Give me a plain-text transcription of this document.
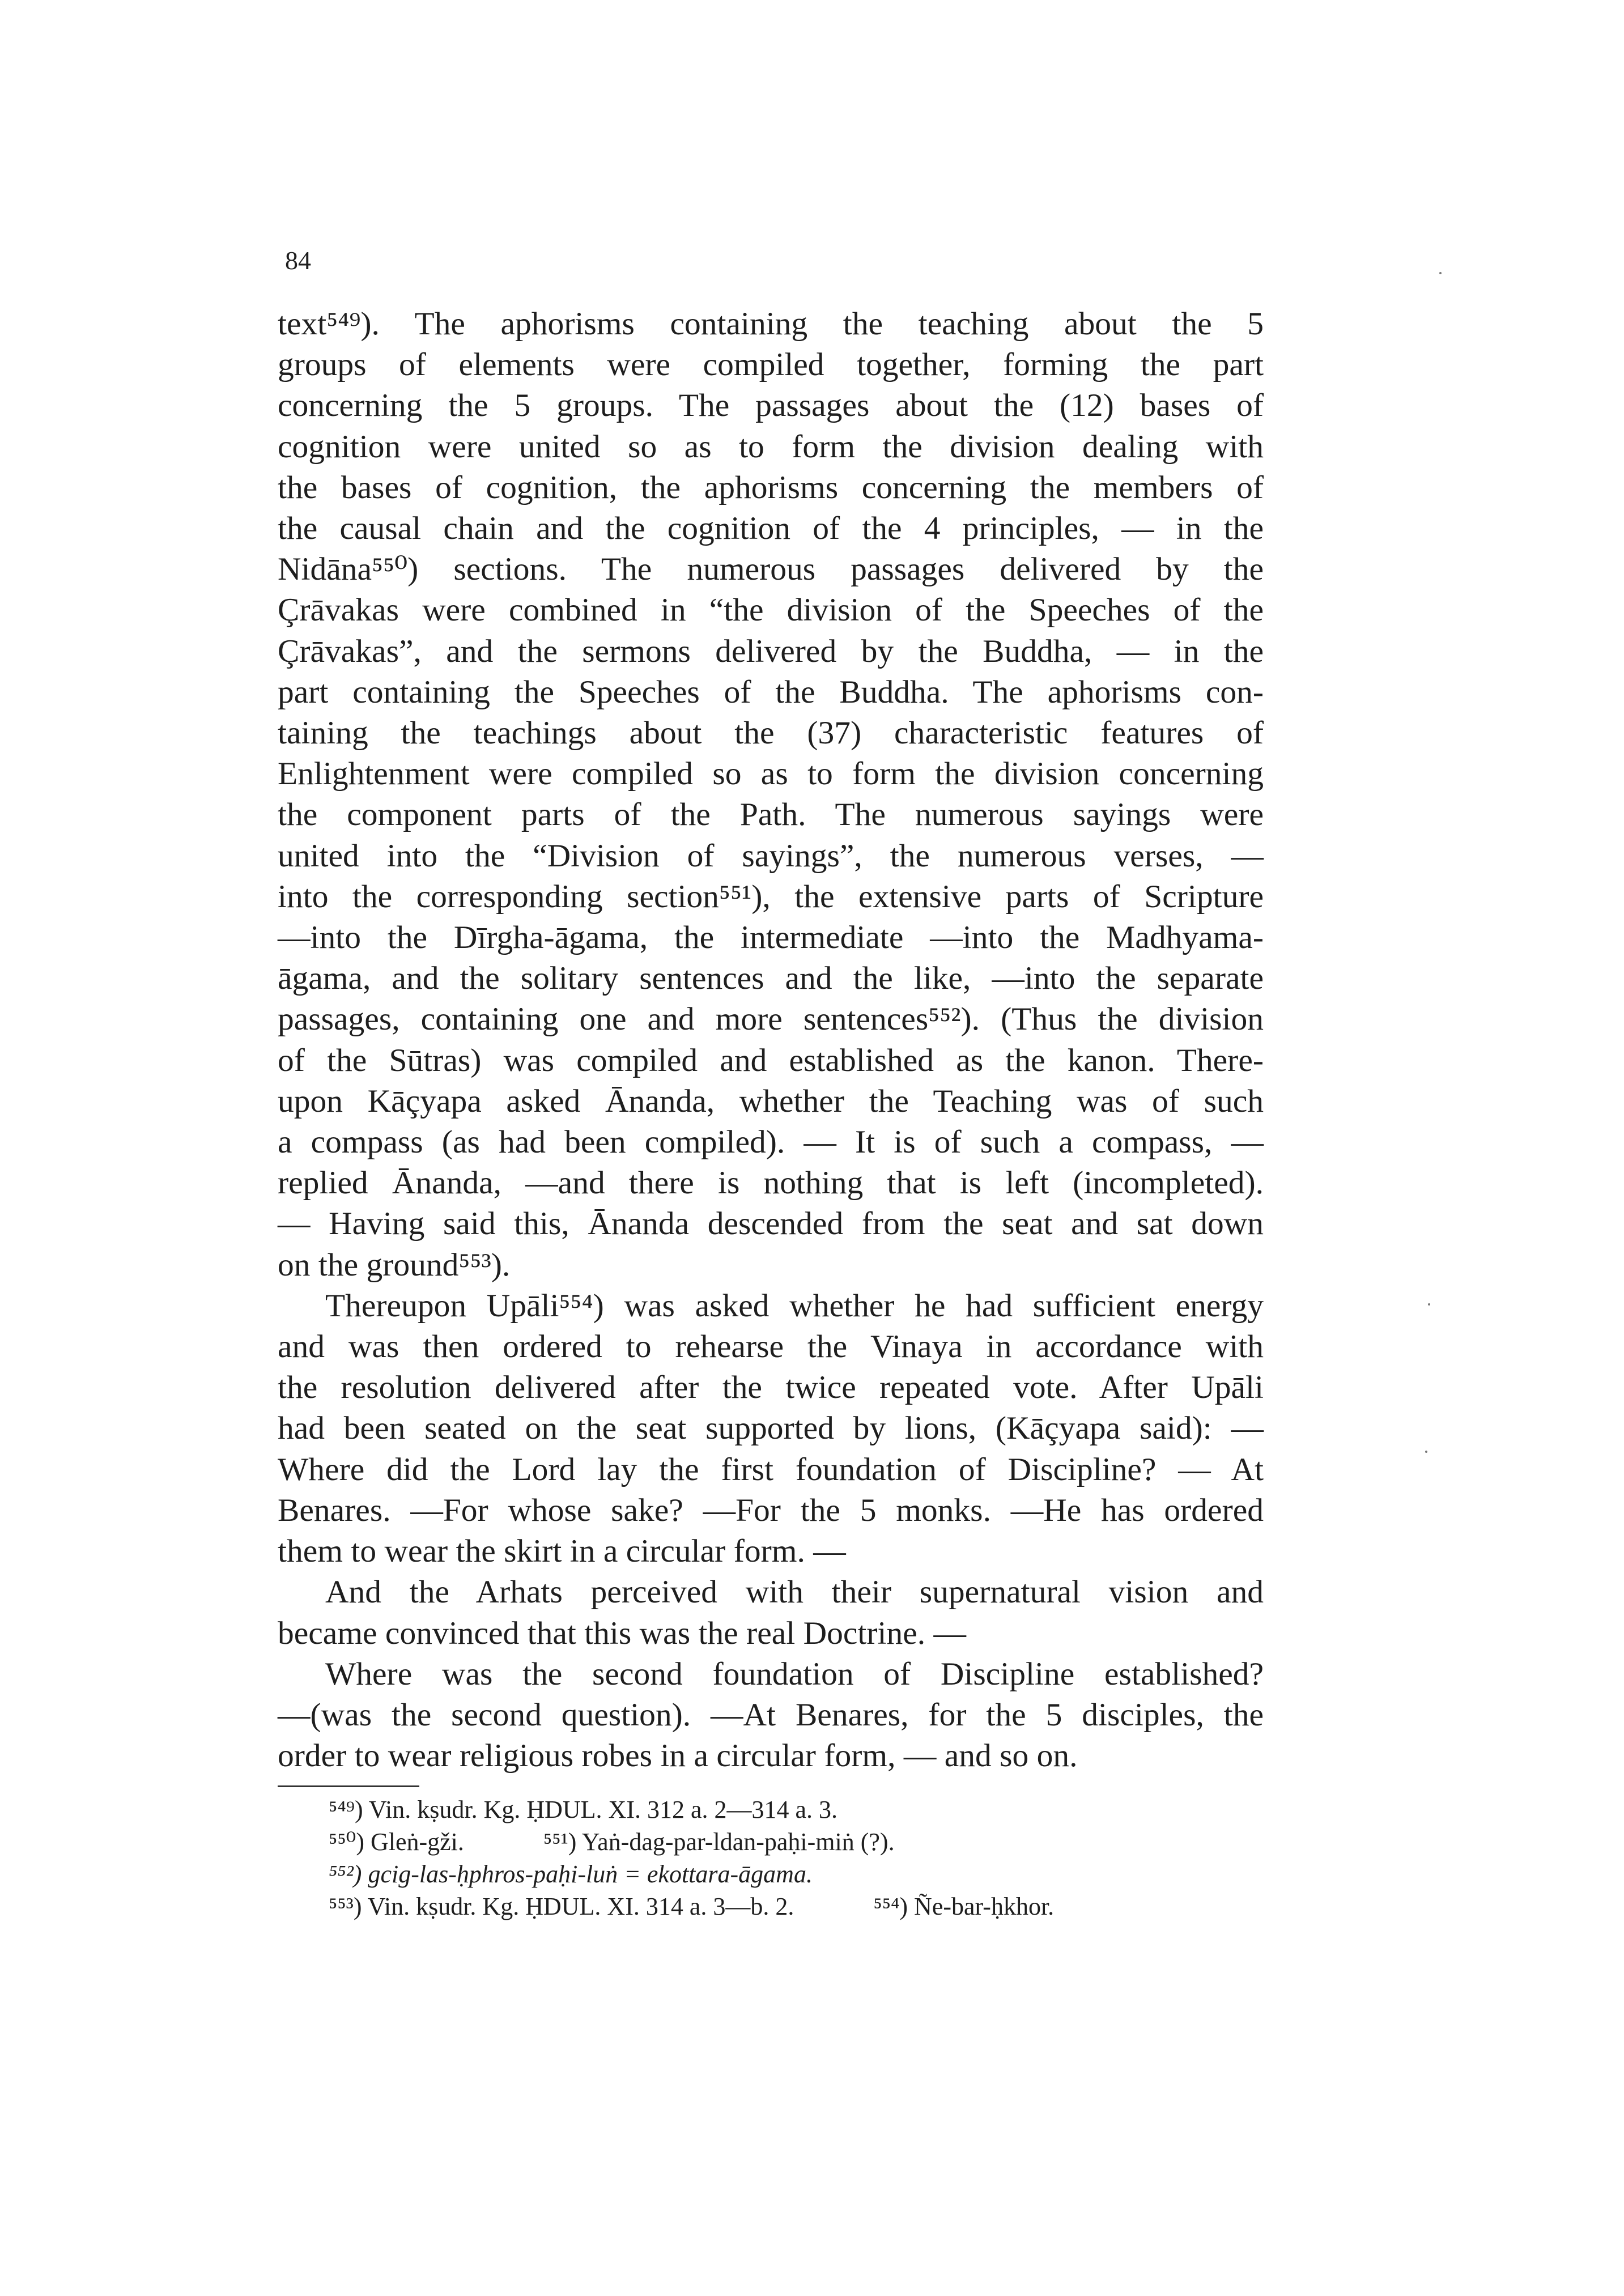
84
text⁵⁴⁹). The aphorisms containing the teaching about the 5
groups of elements were compiled together, forming the part
concerning the 5 groups. The passages about the (12) bases of
cognition were united so as to form the division dealing with
the bases of cognition, the aphorisms concerning the members of
the causal chain and the cognition of the 4 principles, — in the
Nidāna⁵⁵⁰) sections. The numerous passages delivered by the
Çrāvakas were combined in “the division of the Speeches of the
Çrāvakas”, and the sermons delivered by the Buddha, — in the
part containing the Speeches of the Buddha. The aphorisms con-
taining the teachings about the (37) characteristic features of
Enlightenment were compiled so as to form the division concerning
the component parts of the Path. The numerous sayings were
united into the “Division of sayings”, the numerous verses, —
into the corresponding section⁵⁵¹), the extensive parts of Scripture
—into the Dīrgha-āgama, the intermediate —into the Madhyama-
āgama, and the solitary sentences and the like, —into the separate
passages, containing one and more sentences⁵⁵²). (Thus the division
of the Sūtras) was compiled and established as the kanon. There-
upon Kāçyapa asked Ānanda, whether the Teaching was of such
a compass (as had been compiled). — It is of such a compass, —
replied Ānanda, —and there is nothing that is left (incompleted).
— Having said this, Ānanda descended from the seat and sat down
on the ground⁵⁵³).
Thereupon Upāli⁵⁵⁴) was asked whether he had sufficient energy
and was then ordered to rehearse the Vinaya in accordance with
the resolution delivered after the twice repeated vote. After Upāli
had been seated on the seat supported by lions, (Kāçyapa said): —
Where did the Lord lay the first foundation of Discipline? — At
Benares. —For whose sake? —For the 5 monks. —He has ordered
them to wear the skirt in a circular form. —
And the Arhats perceived with their supernatural vision and
became convinced that this was the real Doctrine. —
Where was the second foundation of Discipline established?
—(was the second question). —At Benares, for the 5 disciples, the
order to wear religious robes in a circular form, — and so on.
⁵⁴⁹) Vin. kṣudr. Kg. ḤDUL. XI. 312 a. 2—314 a. 3.
⁵⁵⁰) Gleṅ-gži.	⁵⁵¹) Yaṅ-dag-par-ldan-paḥi-miṅ (?).
⁵⁵²) gcig-las-ḥphros-paḥi-luṅ = ekottara-āgama.
⁵⁵³) Vin. kṣudr. Kg. ḤDUL. XI. 314 a. 3—b. 2.	⁵⁵⁴) Ñe-bar-ḥkhor.
